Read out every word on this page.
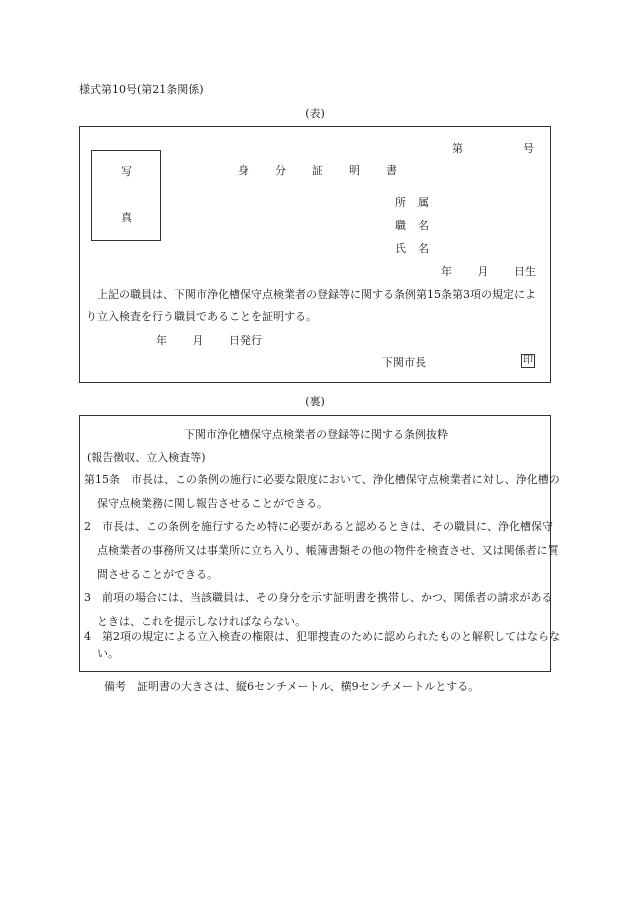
様式第10号(第21条関係)
(表)
写
真
第	号
身分証明書
所属
職名
氏名
年 月 日生
上記の職員は、下関市浄化槽保守点検業者の登録等に関する条例第15条第3項の規定により立入検査を行う職員であることを証明する。
年 月 日発行
下関市長	印
(裏)
下関市浄化槽保守点検業者の登録等に関する条例抜粋
(報告徴収、立入検査等)
第15条　市長は、この条例の施行に必要な限度において、浄化槽保守点検業者に対し、浄化槽の保守点検業務に関し報告させることができる。
2　市長は、この条例を施行するため特に必要があると認めるときは、その職員に、浄化槽保守点検業者の事務所又は事業所に立ち入り、帳簿書類その他の物件を検査させ、又は関係者に質問させることができる。
3　前項の場合には、当該職員は、その身分を示す証明書を携帯し、かつ、関係者の請求があるときは、これを提示しなければならない。
4　第2項の規定による立入検査の権限は、犯罪捜査のために認められたものと解釈してはならない。
備考　証明書の大きさは、縦6センチメートル、横9センチメートルとする。
